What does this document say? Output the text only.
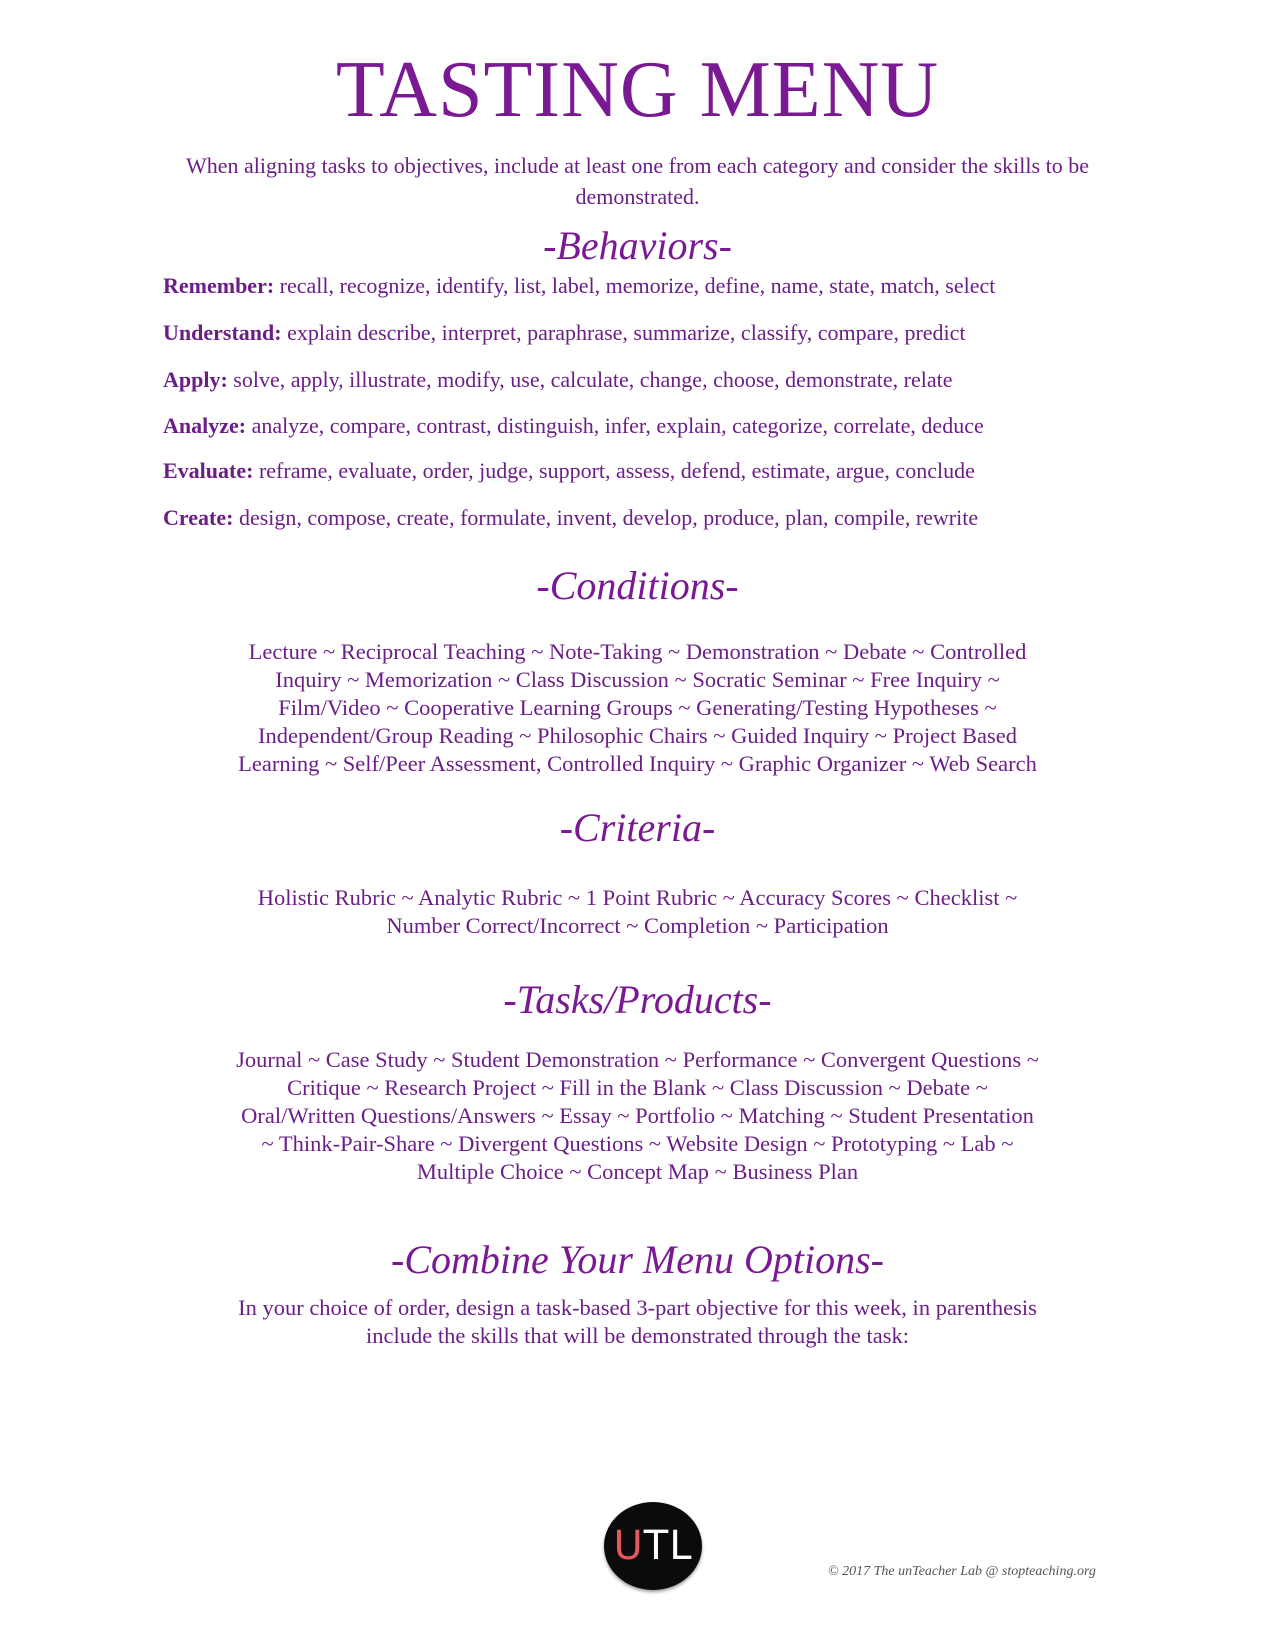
TASTING MENU

When aligning tasks to objectives, include at least one from each category and consider the skills to be demonstrated.

-Behaviors-

Remember: recall, recognize, identify, list, label, memorize, define, name, state, match, select

Understand: explain describe, interpret, paraphrase, summarize, classify, compare, predict

Apply: solve, apply, illustrate, modify, use, calculate, change, choose, demonstrate, relate

Analyze: analyze, compare, contrast, distinguish, infer, explain, categorize, correlate, deduce

Evaluate: reframe, evaluate, order, judge, support, assess, defend, estimate, argue, conclude

Create: design, compose, create, formulate, invent, develop, produce, plan, compile, rewrite

-Conditions-
Lecture ~ Reciprocal Teaching ~ Note-Taking ~ Demonstration ~ Debate ~ Controlled
Inquiry ~ Memorization ~ Class Discussion ~ Socratic Seminar ~ Free Inquiry ~
Film/Video ~ Cooperative Learning Groups ~ Generating/Testing Hypotheses ~
Independent/Group Reading ~ Philosophic Chairs ~ Guided Inquiry ~ Project Based
Learning ~ Self/Peer Assessment, Controlled Inquiry ~ Graphic Organizer ~ Web Search
-Criteria-
Holistic Rubric ~ Analytic Rubric ~ 1 Point Rubric ~ Accuracy Scores ~ Checklist ~
Number Correct/Incorrect ~ Completion ~ Participation
-Tasks/Products-
Journal ~ Case Study ~ Student Demonstration ~ Performance ~ Convergent Questions ~
Critique ~ Research Project ~ Fill in the Blank ~ Class Discussion ~ Debate ~
Oral/Written Questions/Answers ~ Essay ~ Portfolio ~ Matching ~ Student Presentation
~ Think-Pair-Share ~ Divergent Questions ~ Website Design ~ Prototyping ~ Lab ~
Multiple Choice ~ Concept Map ~ Business Plan
-Combine Your Menu Options-
In your choice of order, design a task-based 3-part objective for this week, in parenthesis
include the skills that will be demonstrated through the task:
U TL

© 2017 The unTeacher Lab @ stopteaching.org
